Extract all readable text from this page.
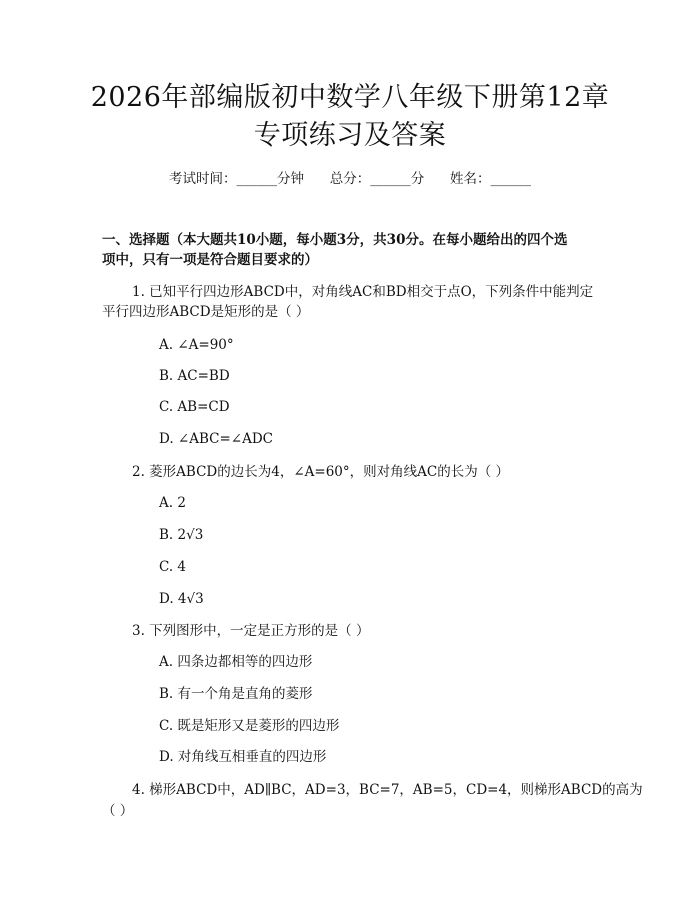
2026年部编版初中数学八年级下册第12章
专项练习及答案
考试时间：______分钟      总分：______分      姓名：______
一、选择题（本大题共10小题，每小题3分，共30分。在每小题给出的四个选
项中，只有一项是符合题目要求的）
1. 已知平行四边形ABCD中，对角线AC和BD相交于点O，下列条件中能判定
平行四边形ABCD是矩形的是（ ）
A. ∠A=90°
B. AC=BD
C. AB=CD
D. ∠ABC=∠ADC
2. 菱形ABCD的边长为4，∠A=60°，则对角线AC的长为（ ）
A. 2
B. 2√3
C. 4
D. 4√3
3. 下列图形中，一定是正方形的是（ ）
A. 四条边都相等的四边形
B. 有一个角是直角的菱形
C. 既是矩形又是菱形的四边形
D. 对角线互相垂直的四边形
4. 梯形ABCD中，AD∥BC，AD=3，BC=7，AB=5，CD=4，则梯形ABCD的高为
（ ）
